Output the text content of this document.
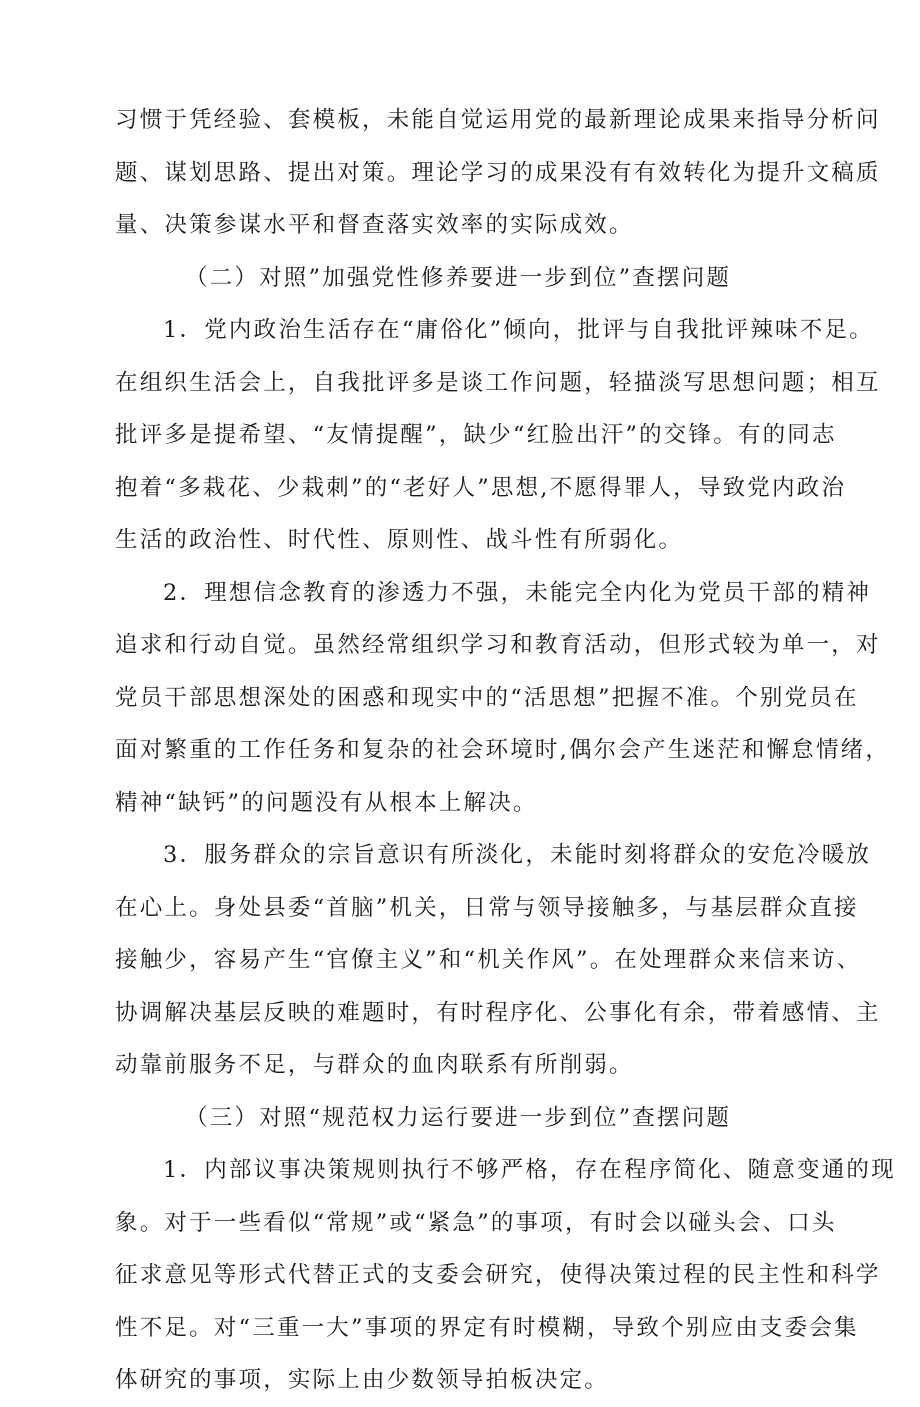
习惯于凭经验、套模板，未能自觉运用党的最新理论成果来指导分析问
题、谋划思路、提出对策。理论学习的成果没有有效转化为提升文稿质
量、决策参谋水平和督查落实效率的实际成效。
（二）对照”加强党性修养要进一步到位”查摆问题
1．党内政治生活存在“庸俗化”倾向，批评与自我批评辣味不足。
在组织生活会上，自我批评多是谈工作问题，轻描淡写思想问题；相互
批评多是提希望、“友情提醒”，缺少“红脸出汗”的交锋。有的同志
抱着“多栽花、少栽刺”的“老好人”思想,不愿得罪人，导致党内政治
生活的政治性、时代性、原则性、战斗性有所弱化。
2．理想信念教育的渗透力不强，未能完全内化为党员干部的精神
追求和行动自觉。虽然经常组织学习和教育活动，但形式较为单一，对
党员干部思想深处的困惑和现实中的“活思想”把握不准。个别党员在
面对繁重的工作任务和复杂的社会环境时,偶尔会产生迷茫和懈怠情绪，
精神“缺钙”的问题没有从根本上解决。
3．服务群众的宗旨意识有所淡化，未能时刻将群众的安危冷暖放
在心上。身处县委“首脑”机关，日常与领导接触多，与基层群众直接
接触少，容易产生“官僚主义”和“机关作风”。在处理群众来信来访、
协调解决基层反映的难题时，有时程序化、公事化有余，带着感情、主
动靠前服务不足，与群众的血肉联系有所削弱。
（三）对照“规范权力运行要进一步到位”查摆问题
1．内部议事决策规则执行不够严格，存在程序简化、随意变通的现
象。对于一些看似“常规”或“紧急”的事项，有时会以碰头会、口头
征求意见等形式代替正式的支委会研究，使得决策过程的民主性和科学
性不足。对“三重一大”事项的界定有时模糊，导致个别应由支委会集
体研究的事项，实际上由少数领导拍板决定。
